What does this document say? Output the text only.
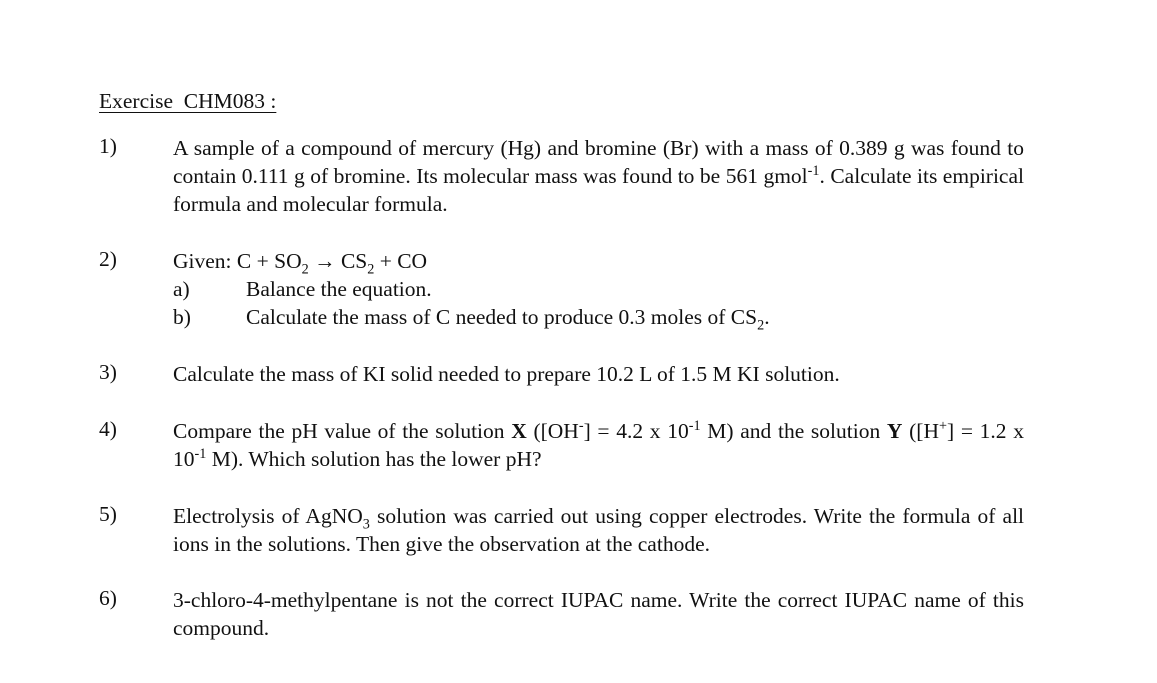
Exercise  CHM083 :
1)	A sample of a compound of mercury (Hg) and bromine (Br) with a mass of 0.389 g was found to contain 0.111 g of bromine. Its molecular mass was found to be 561 gmol$^{-1}$. Calculate its empirical formula and molecular formula.
2)	Given: $C + SO_2 \to CS_2$ + CO
a)	Balance the equation.
b)	Calculate the mass of C needed to produce 0.3 moles of $CS_2$.
3)	Calculate the mass of KI solid needed to prepare 10.2 L of 1.5 M KI solution.
4)	Compare the pH value of the solution X ([OH-] = 4.2 x $10^{-1}$ M) and the solution Y ([H+] = 1.2 x $10^{-1}$ M). Which solution has the lower pH?
5)	Electrolysis of AgNO$_3$ solution was carried out using copper electrodes. Write the formula of all ions in the solutions. Then give the observation at the cathode.
6)	3-chloro-4-methylpentane is not the correct IUPAC name. Write the correct IUPAC name of this compound.
